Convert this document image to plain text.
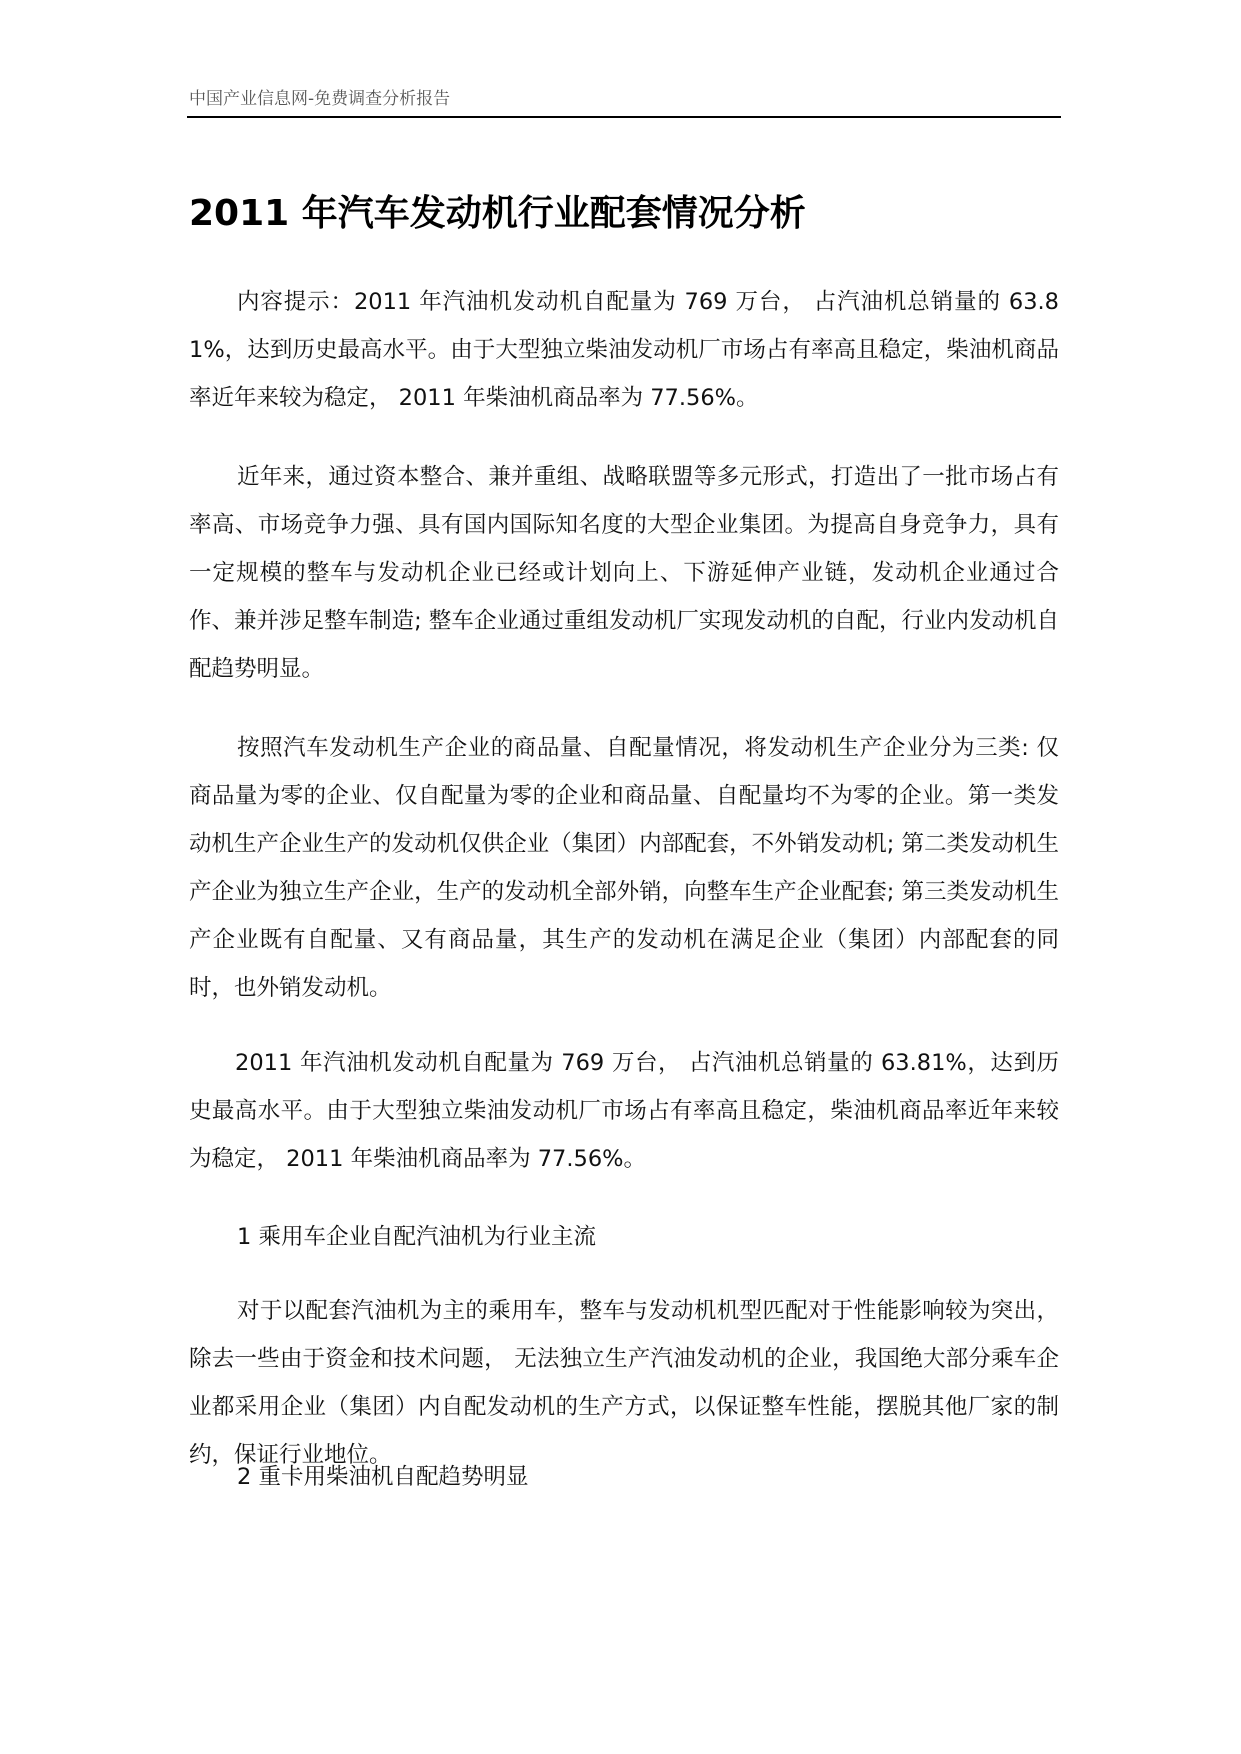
中国产业信息网-免费调查分析报告
2011 年汽车发动机行业配套情况分析

内容提示：2011 年汽油机发动机自配量为 769 万台， 占汽油机总销量的 63.81%，达到历史最高水平。由于大型独立柴油发动机厂市场占有率高且稳定，柴油机商品率近年来较为稳定， 2011 年柴油机商品率为 77.56%。

近年来，通过资本整合、兼并重组、战略联盟等多元形式，打造出了一批市场占有率高、市场竞争力强、具有国内国际知名度的大型企业集团。为提高自身竞争力，具有一定规模的整车与发动机企业已经或计划向上、下游延伸产业链，发动机企业通过合作、兼并涉足整车制造; 整车企业通过重组发动机厂实现发动机的自配，行业内发动机自配趋势明显。

按照汽车发动机生产企业的商品量、自配量情况，将发动机生产企业分为三类: 仅商品量为零的企业、仅自配量为零的企业和商品量、自配量均不为零的企业。第一类发动机生产企业生产的发动机仅供企业（集团）内部配套，不外销发动机; 第二类发动机生产企业为独立生产企业，生产的发动机全部外销，向整车生产企业配套; 第三类发动机生产企业既有自配量、又有商品量，其生产的发动机在满足企业（集团）内部配套的同时，也外销发动机。

2011 年汽油机发动机自配量为 769 万台， 占汽油机总销量的 63.81%，达到历史最高水平。由于大型独立柴油发动机厂市场占有率高且稳定，柴油机商品率近年来较为稳定， 2011 年柴油机商品率为 77.56%。

1 乘用车企业自配汽油机为行业主流

对于以配套汽油机为主的乘用车，整车与发动机机型匹配对于性能影响较为突出，除去一些由于资金和技术问题， 无法独立生产汽油发动机的企业，我国绝大部分乘车企业都采用企业（集团）内自配发动机的生产方式，以保证整车性能，摆脱其他厂家的制约，保证行业地位。

2 重卡用柴油机自配趋势明显
